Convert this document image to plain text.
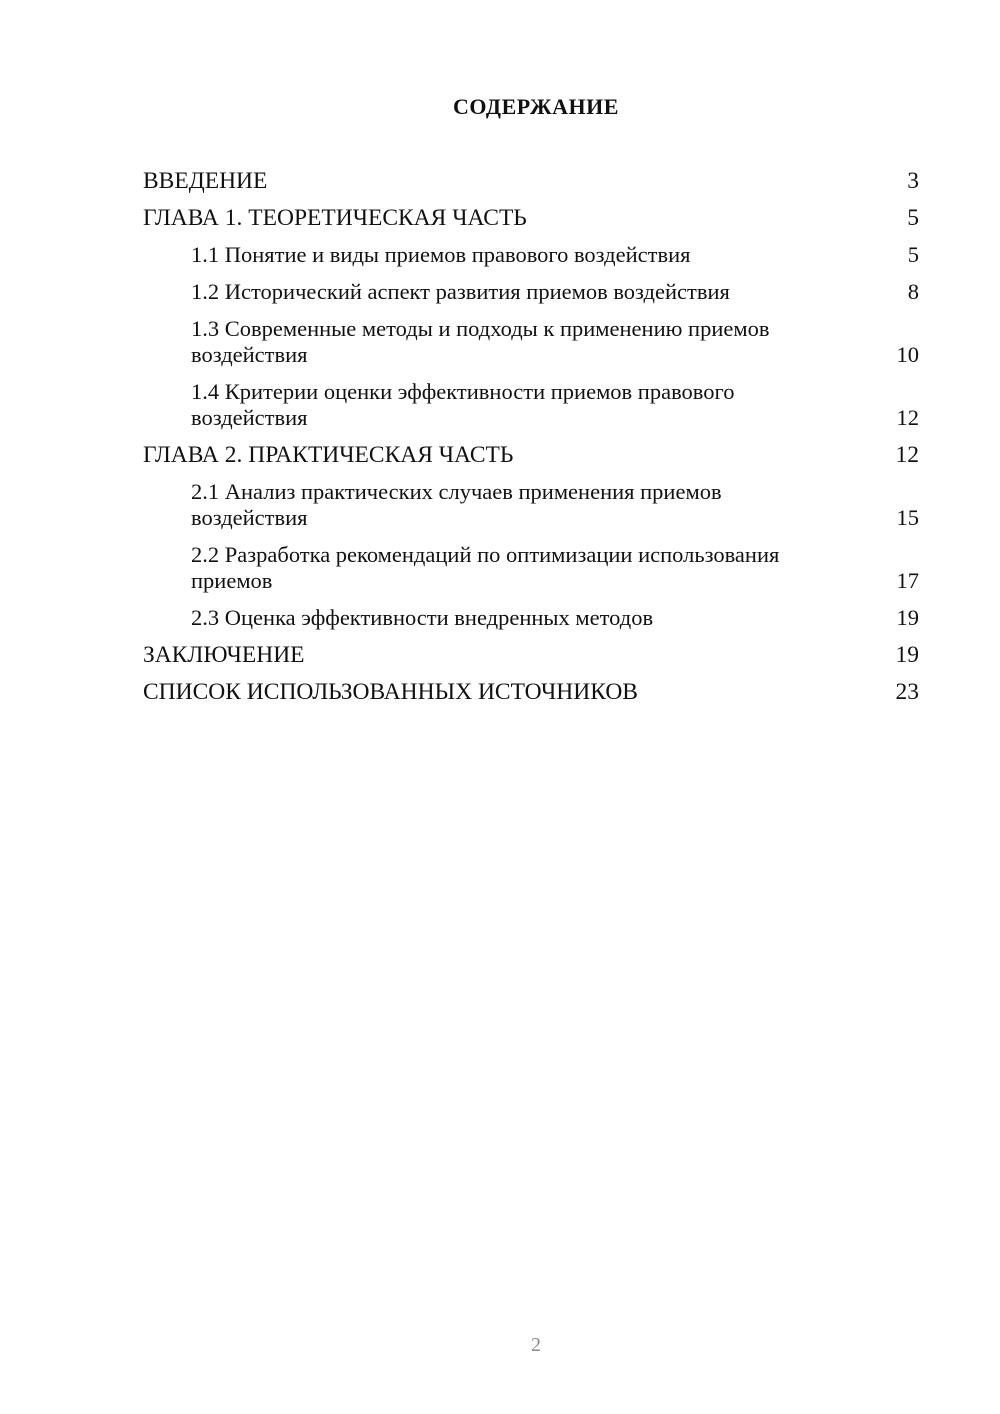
СОДЕРЖАНИЕ
ВВЕДЕНИЕ	3
ГЛАВА 1. ТЕОРЕТИЧЕСКАЯ ЧАСТЬ	5
1.1 Понятие и виды приемов правового воздействия	5
1.2 Исторический аспект развития приемов воздействия	8
1.3 Современные методы и подходы к применению приемов воздействия	10
1.4 Критерии оценки эффективности приемов правового воздействия	12
ГЛАВА 2. ПРАКТИЧЕСКАЯ ЧАСТЬ	12
2.1 Анализ практических случаев применения приемов воздействия	15
2.2 Разработка рекомендаций по оптимизации использования приемов	17
2.3 Оценка эффективности внедренных методов	19
ЗАКЛЮЧЕНИЕ	19
СПИСОК ИСПОЛЬЗОВАННЫХ ИСТОЧНИКОВ	23
2
